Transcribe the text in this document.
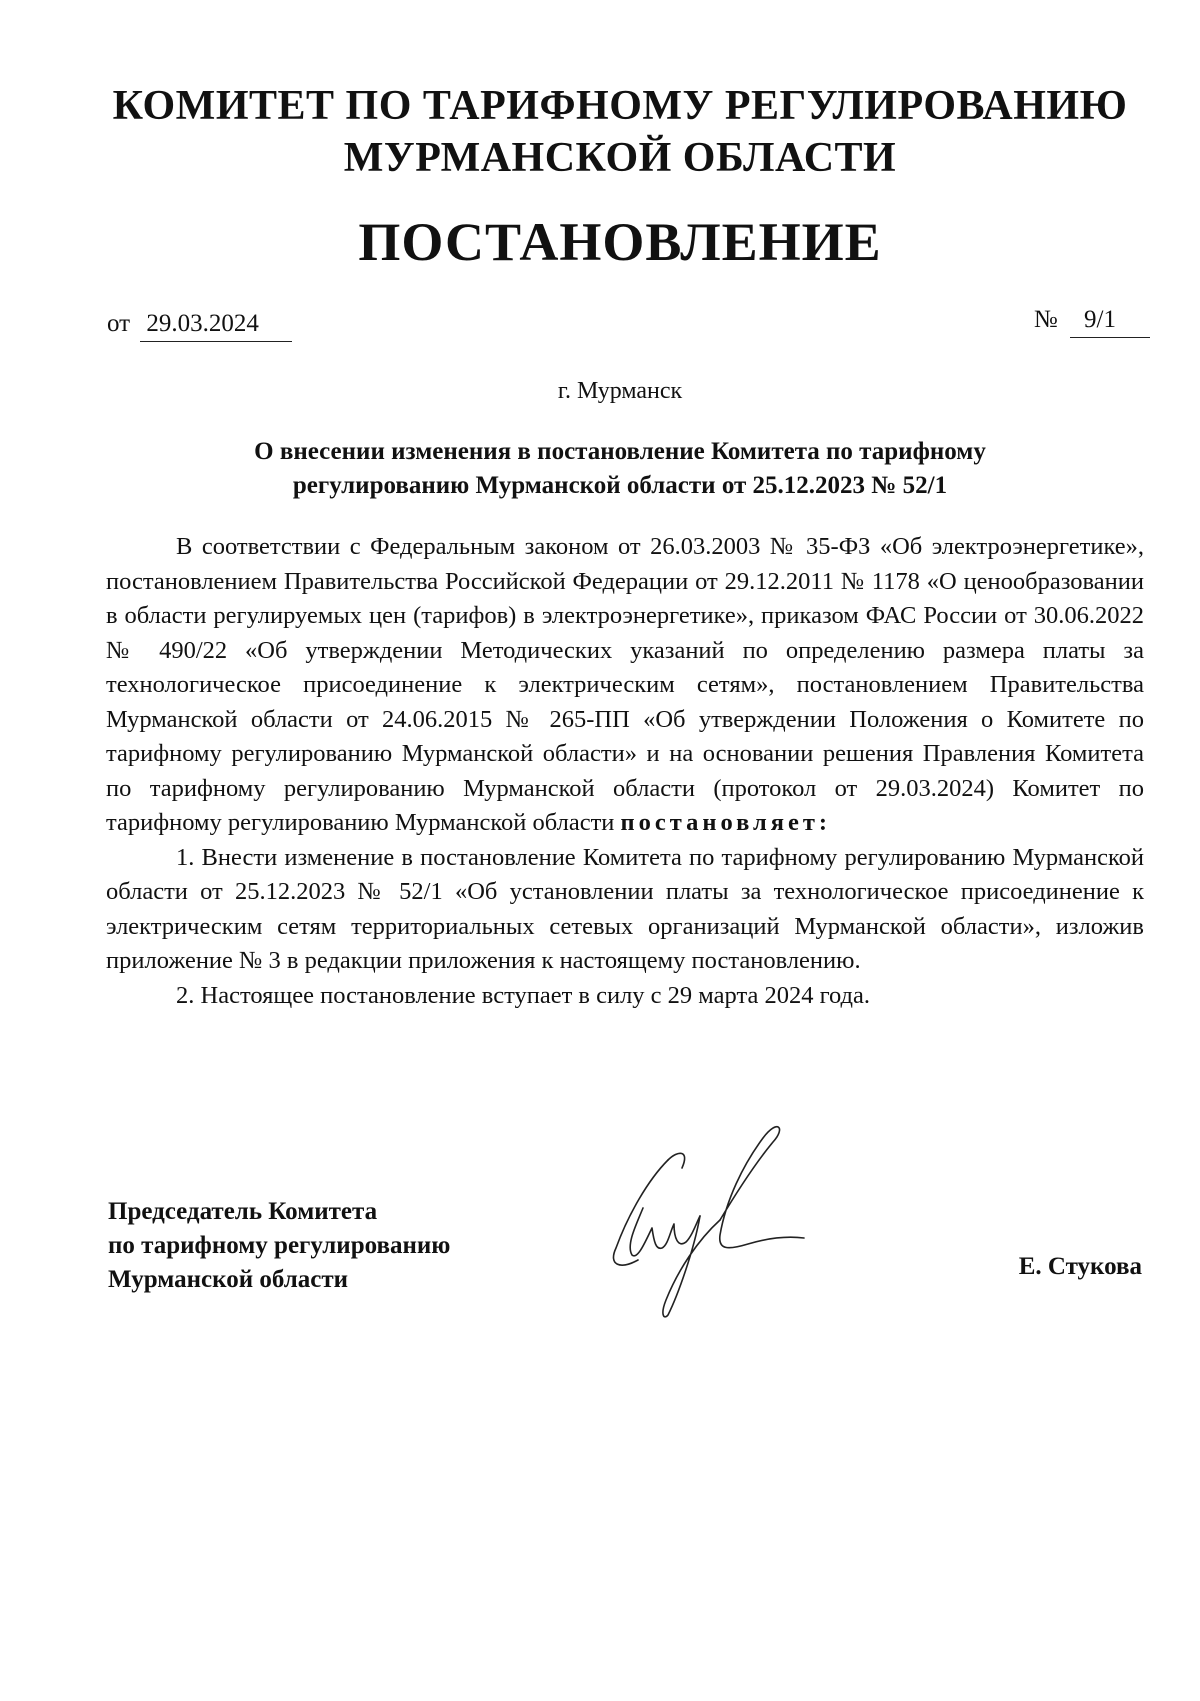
КОМИТЕТ ПО ТАРИФНОМУ РЕГУЛИРОВАНИЮ
МУРМАНСКОЙ ОБЛАСТИ
ПОСТАНОВЛЕНИЕ
от 29.03.2024	№ 9/1
г. Мурманск
О внесении изменения в постановление Комитета по тарифному
регулированию Мурманской области от 25.12.2023 № 52/1

В соответствии с Федеральным законом от 26.03.2003 № 35-ФЗ «Об электроэнергетике», постановлением Правительства Российской Федерации от 29.12.2011 № 1178 «О ценообразовании в области регулируемых цен (тарифов) в электроэнергетике», приказом ФАС России от 30.06.2022 № 490/22 «Об утверждении Методических указаний по определению размера платы за технологическое присоединение к электрическим сетям», постановлением Правительства Мурманской области от 24.06.2015 № 265-ПП «Об утверждении Положения о Комитете по тарифному регулированию Мурманской области» и на основании решения Правления Комитета по тарифному регулированию Мурманской области (протокол от 29.03.2024) Комитет по тарифному регулированию Мурманской области постановляет:

1. Внести изменение в постановление Комитета по тарифному регулированию Мурманской области от 25.12.2023 № 52/1 «Об установлении платы за технологическое присоединение к электрическим сетям территориальных сетевых организаций Мурманской области», изложив приложение № 3 в редакции приложения к настоящему постановлению.

2. Настоящее постановление вступает в силу с 29 марта 2024 года.

Председатель Комитета
по тарифному регулированию
Мурманской области	Е. Стукова
